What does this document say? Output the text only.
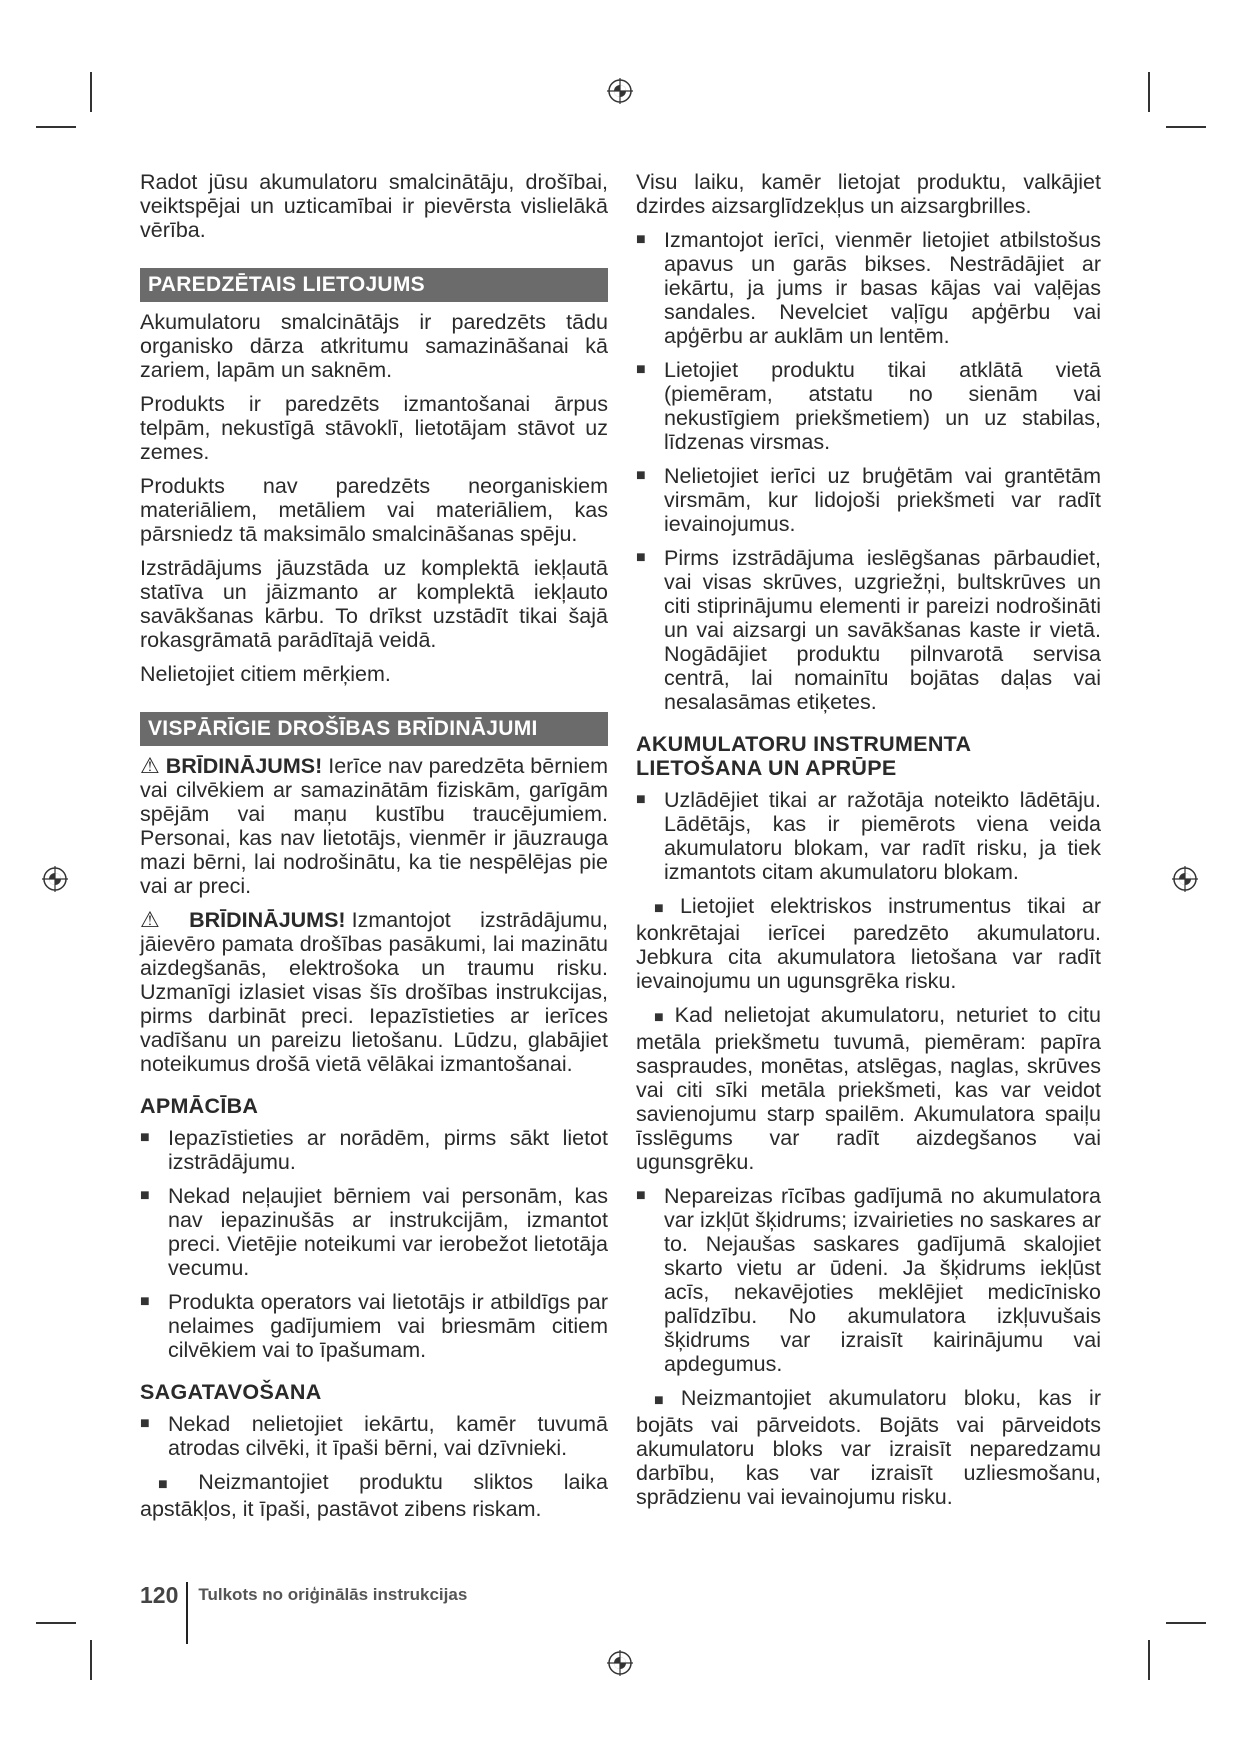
Radot jūsu akumulatoru smalcinātāju, drošībai, veiktspējai un uzticamībai ir pievērsta vislielākā vērība.

PAREDZĒTAIS LIETOJUMS

Akumulatoru smalcinātājs ir paredzēts tādu organisko dārza atkritumu samazināšanai kā zariem, lapām un saknēm.

Produkts ir paredzēts izmantošanai ārpus telpām, nekustīgā stāvoklī, lietotājam stāvot uz zemes.

Produkts nav paredzēts neorganiskiem materiāliem, metāliem vai materiāliem, kas pārsniedz tā maksimālo smalcināšanas spēju.

Izstrādājums jāuzstāda uz komplektā iekļautā statīva un jāizmanto ar komplektā iekļauto savākšanas kārbu. To drīkst uzstādīt tikai šajā rokasgrāmatā parādītajā veidā.

Nelietojiet citiem mērķiem.

VISPĀRĪGIE DROŠĪBAS BRĪDINĀJUMI

⚠ BRĪDINĀJUMS! Ierīce nav paredzēta bērniem vai cilvēkiem ar samazinātām fiziskām, garīgām spējām vai maņu kustību traucējumiem. Personai, kas nav lietotājs, vienmēr ir jāuzrauga mazi bērni, lai nodrošinātu, ka tie nespēlējas pie vai ar preci.

⚠ BRĪDINĀJUMS! Izmantojot izstrādājumu, jāievēro pamata drošības pasākumi, lai mazinātu aizdegšanās, elektrošoka un traumu risku. Uzmanīgi izlasiet visas šīs drošības instrukcijas, pirms darbināt preci. Iepazīstieties ar ierīces vadīšanu un pareizu lietošanu. Lūdzu, glabājiet noteikumus drošā vietā vēlākai izmantošanai.

APMĀCĪBA

■ Iepazīstieties ar norādēm, pirms sākt lietot izstrādājumu.

■ Nekad neļaujiet bērniem vai personām, kas nav iepazinušās ar instrukcijām, izmantot preci. Vietējie noteikumi var ierobežot lietotāja vecumu.

■ Produkta operators vai lietotājs ir atbildīgs par nelaimes gadījumiem vai briesmām citiem cilvēkiem vai to īpašumam.

SAGATAVOŠANA

■ Nekad nelietojiet iekārtu, kamēr tuvumā atrodas cilvēki, it īpaši bērni, vai dzīvnieki.

■ Neizmantojiet produktu sliktos laika apstākļos, it īpaši, pastāvot zibens riskam.

Visu laiku, kamēr lietojat produktu, valkājiet dzirdes aizsarglīdzekļus un aizsargbrilles.

■ Izmantojot ierīci, vienmēr lietojiet atbilstošus apavus un garās bikses. Nestrādājiet ar iekārtu, ja jums ir basas kājas vai vaļējas sandales. Nevelciet vaļīgu apģērbu vai apģērbu ar auklām un lentēm.

■ Lietojiet produktu tikai atklātā vietā (piemēram, atstatu no sienām vai nekustīgiem priekšmetiem) un uz stabilas, līdzenas virsmas.

■ Nelietojiet ierīci uz bruģētām vai grantētām virsmām, kur lidojoši priekšmeti var radīt ievainojumus.

■ Pirms izstrādājuma ieslēgšanas pārbaudiet, vai visas skrūves, uzgriežņi, bultskrūves un citi stiprinājumu elementi ir pareizi nodrošināti un vai aizsargi un savākšanas kaste ir vietā. Nogādājiet produktu pilnvarotā servisa centrā, lai nomainītu bojātas daļas vai nesalasāmas etiķetes.

AKUMULATORU INSTRUMENTA LIETOŠANA UN APRŪPE

■ Uzlādējiet tikai ar ražotāja noteikto lādētāju. Lādētājs, kas ir piemērots viena veida akumulatoru blokam, var radīt risku, ja tiek izmantots citam akumulatoru blokam.

■ Lietojiet elektriskos instrumentus tikai ar konkrētajai ierīcei paredzēto akumulatoru. Jebkura cita akumulatora lietošana var radīt ievainojumu un ugunsgrēka risku.

■ Kad nelietojat akumulatoru, neturiet to citu metāla priekšmetu tuvumā, piemēram: papīra saspraudes, monētas, atslēgas, naglas, skrūves vai citi sīki metāla priekšmeti, kas var veidot savienojumu starp spailēm. Akumulatora spaiļu īsslēgums var radīt aizdegšanos vai ugunsgrēku.

■ Nepareizas rīcības gadījumā no akumulatora var izkļūt šķidrums; izvairieties no saskares ar to. Nejaušas saskares gadījumā skalojiet skarto vietu ar ūdeni. Ja šķidrums iekļūst acīs, nekavējoties meklējiet medicīnisko palīdzību. No akumulatora izkļuvušais šķidrums var izraisīt kairinājumu vai apdegumus.

■ Neizmantojiet akumulatoru bloku, kas ir bojāts vai pārveidots. Bojāts vai pārveidots akumulatoru bloks var izraisīt neparedzamu darbību, kas var izraisīt uzliesmošanu, sprādzienu vai ievainojumu risku.

120 Tulkots no oriģinālās instrukcijas
